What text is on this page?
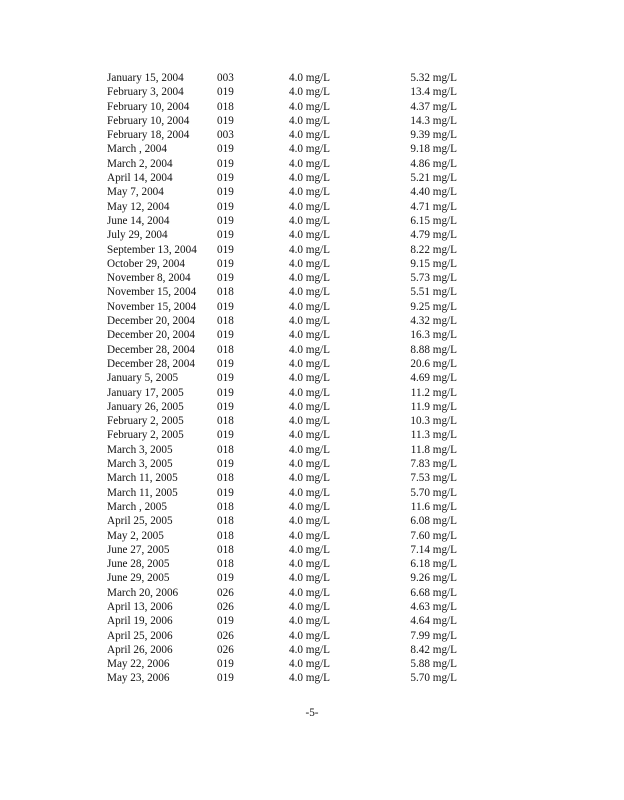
January 15, 2004	003	4.0 mg/L	5.32 mg/L
February 3, 2004	019	4.0 mg/L	13.4 mg/L
February 10, 2004 018	4.0 mg/L	4.37 mg/L
February 10, 2004 019	4.0 mg/L	14.3 mg/L
February 18, 2004 003	4.0 mg/L	9.39 mg/L
March , 2004	019	4.0 mg/L	9.18 mg/L
March 2, 2004	019	4.0 mg/L	4.86 mg/L
April 14, 2004	019	4.0 mg/L	5.21 mg/L
May 7, 2004	019	4.0 mg/L	4.40 mg/L
May 12, 2004	019	4.0 mg/L	4.71 mg/L
June 14, 2004	019	4.0 mg/L	6.15 mg/L
July 29, 2004	019	4.0 mg/L	4.79 mg/L
September 13, 2004 019	4.0 mg/L	8.22 mg/L
October 29, 2004	019	4.0 mg/L	9.15 mg/L
November 8, 2004 019	4.0 mg/L	5.73 mg/L
November 15, 2004 018	4.0 mg/L	5.51 mg/L
November 15, 2004 019	4.0 mg/L	9.25 mg/L
December 20, 2004 018	4.0 mg/L	4.32 mg/L
December 20, 2004 019	4.0 mg/L	16.3 mg/L
December 28, 2004 018	4.0 mg/L	8.88 mg/L
December 28, 2004 019	4.0 mg/L	20.6 mg/L
January 5, 2005	019	4.0 mg/L	4.69 mg/L
January 17, 2005	019	4.0 mg/L	11.2 mg/L
January 26, 2005	019	4.0 mg/L	11.9 mg/L
February 2, 2005	018	4.0 mg/L	10.3 mg/L
February 2, 2005	019	4.0 mg/L	11.3 mg/L
March 3, 2005	018	4.0 mg/L	11.8 mg/L
March 3, 2005	019	4.0 mg/L	7.83 mg/L
March 11, 2005	018	4.0 mg/L	7.53 mg/L
March 11, 2005	019	4.0 mg/L	5.70 mg/L
March , 2005	018	4.0 mg/L	11.6 mg/L
April 25, 2005	018	4.0 mg/L	6.08 mg/L
May 2, 2005	018	4.0 mg/L	7.60 mg/L
June 27, 2005	018	4.0 mg/L	7.14 mg/L
June 28, 2005	018	4.0 mg/L	6.18 mg/L
June 29, 2005	019	4.0 mg/L	9.26 mg/L
March 20, 2006	026	4.0 mg/L	6.68 mg/L
April 13, 2006	026	4.0 mg/L	4.63 mg/L
April 19, 2006	019	4.0 mg/L	4.64 mg/L
April 25, 2006	026	4.0 mg/L	7.99 mg/L
April 26, 2006	026	4.0 mg/L	8.42 mg/L
May 22, 2006	019	4.0 mg/L	5.88 mg/L
May 23, 2006	019	4.0 mg/L	5.70 mg/L
-5-
